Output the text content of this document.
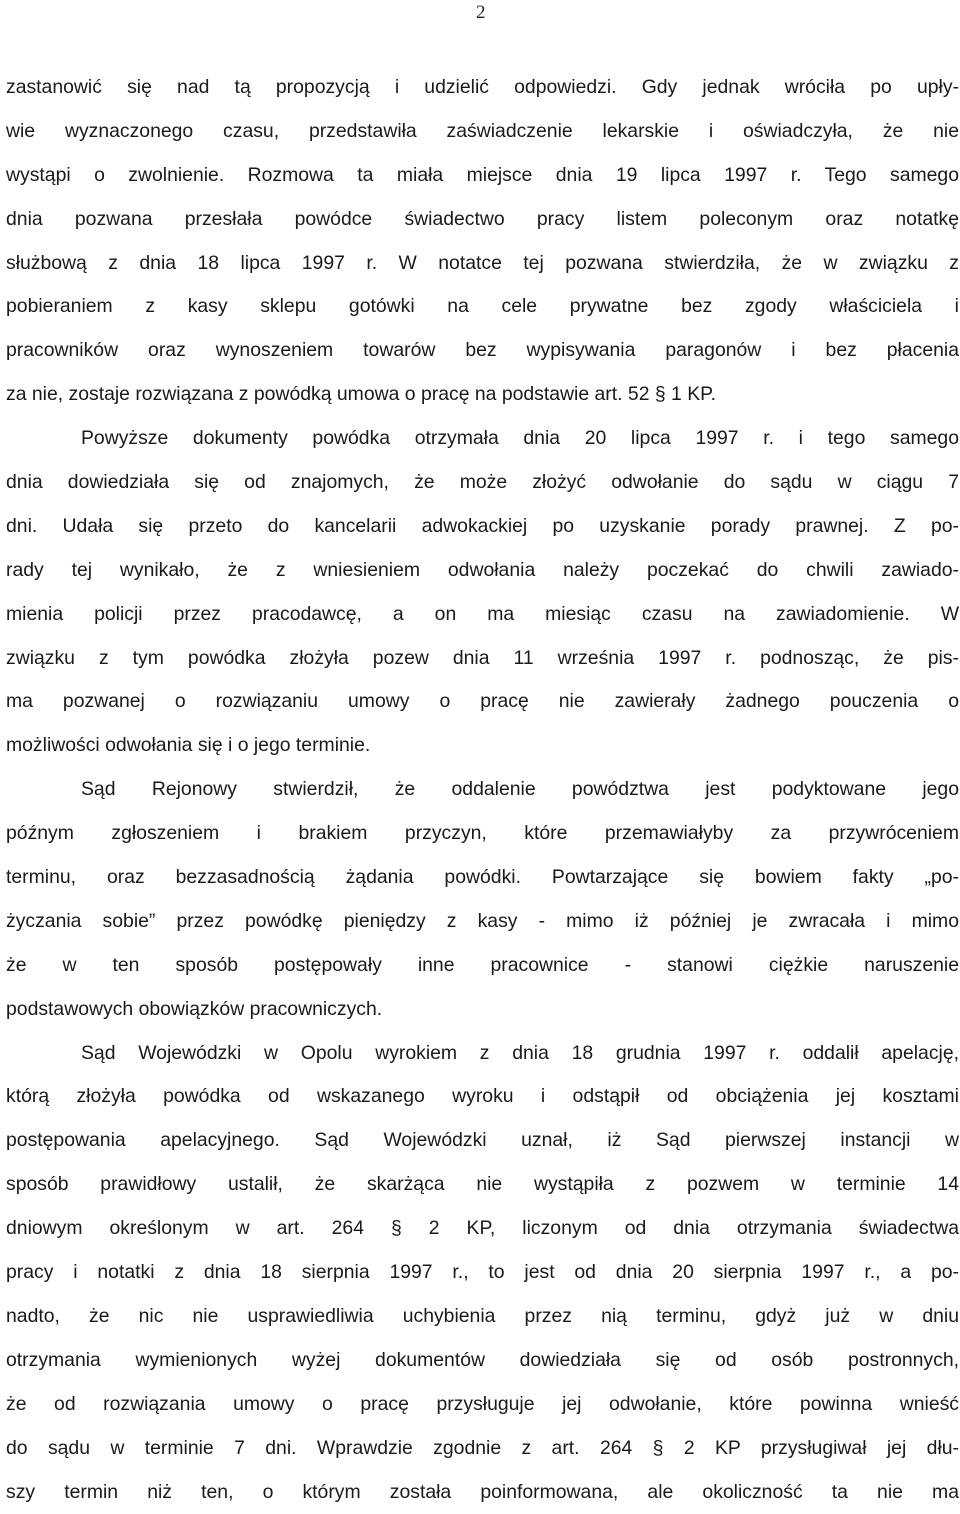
2
zastanowić się nad tą propozycją i udzielić odpowiedzi. Gdy jednak wróciła po upły-
wie wyznaczonego czasu, przedstawiła zaświadczenie lekarskie i oświadczyła, że nie
wystąpi o zwolnienie. Rozmowa ta miała miejsce dnia 19 lipca 1997 r. Tego samego
dnia pozwana przesłała powódce świadectwo pracy listem poleconym oraz notatkę
służbową z dnia 18 lipca 1997 r. W notatce tej pozwana stwierdziła, że w związku z
pobieraniem z kasy sklepu gotówki na cele prywatne bez zgody właściciela i
pracowników oraz wynoszeniem towarów bez wypisywania paragonów i bez płacenia
za nie, zostaje rozwiązana z powódką umowa o pracę na podstawie art. 52 § 1 KP.
Powyższe dokumenty powódka otrzymała dnia 20 lipca 1997 r. i tego samego
dnia dowiedziała się od znajomych, że może złożyć odwołanie do sądu w ciągu 7
dni. Udała się przeto do kancelarii adwokackiej po uzyskanie porady prawnej. Z po-
rady tej wynikało, że z wniesieniem odwołania należy poczekać do chwili zawiado-
mienia policji przez pracodawcę, a on ma miesiąc czasu na zawiadomienie. W
związku z tym powódka złożyła pozew dnia 11 września 1997 r. podnosząc, że pis-
ma pozwanej o rozwiązaniu umowy o pracę nie zawierały żadnego pouczenia o
możliwości odwołania się i o jego terminie.
Sąd Rejonowy stwierdził, że oddalenie powództwa jest podyktowane jego
późnym zgłoszeniem i brakiem przyczyn, które przemawiałyby za przywróceniem
terminu, oraz bezzasadnością żądania powódki. Powtarzające się bowiem fakty „po-
życzania sobie” przez powódkę pieniędzy z kasy - mimo iż później je zwracała i mimo
że w ten sposób postępowały inne pracownice - stanowi ciężkie naruszenie
podstawowych obowiązków pracowniczych.
Sąd Wojewódzki w Opolu wyrokiem z dnia 18 grudnia 1997 r. oddalił apelację,
którą złożyła powódka od wskazanego wyroku i odstąpił od obciążenia jej kosztami
postępowania apelacyjnego. Sąd Wojewódzki uznał, iż Sąd pierwszej instancji w
sposób prawidłowy ustalił, że skarżąca nie wystąpiła z pozwem w terminie 14
dniowym określonym w art. 264 § 2 KP, liczonym od dnia otrzymania świadectwa
pracy i notatki z dnia 18 sierpnia 1997 r., to jest od dnia 20 sierpnia 1997 r., a po-
nadto, że nic nie usprawiedliwia uchybienia przez nią terminu, gdyż już w dniu
otrzymania wymienionych wyżej dokumentów dowiedziała się od osób postronnych,
że od rozwiązania umowy o pracę przysługuje jej odwołanie, które powinna wnieść
do sądu w terminie 7 dni. Wprawdzie zgodnie z art. 264 § 2 KP przysługiwał jej dłu-
szy termin niż ten, o którym została poinformowana, ale okoliczność ta nie ma
